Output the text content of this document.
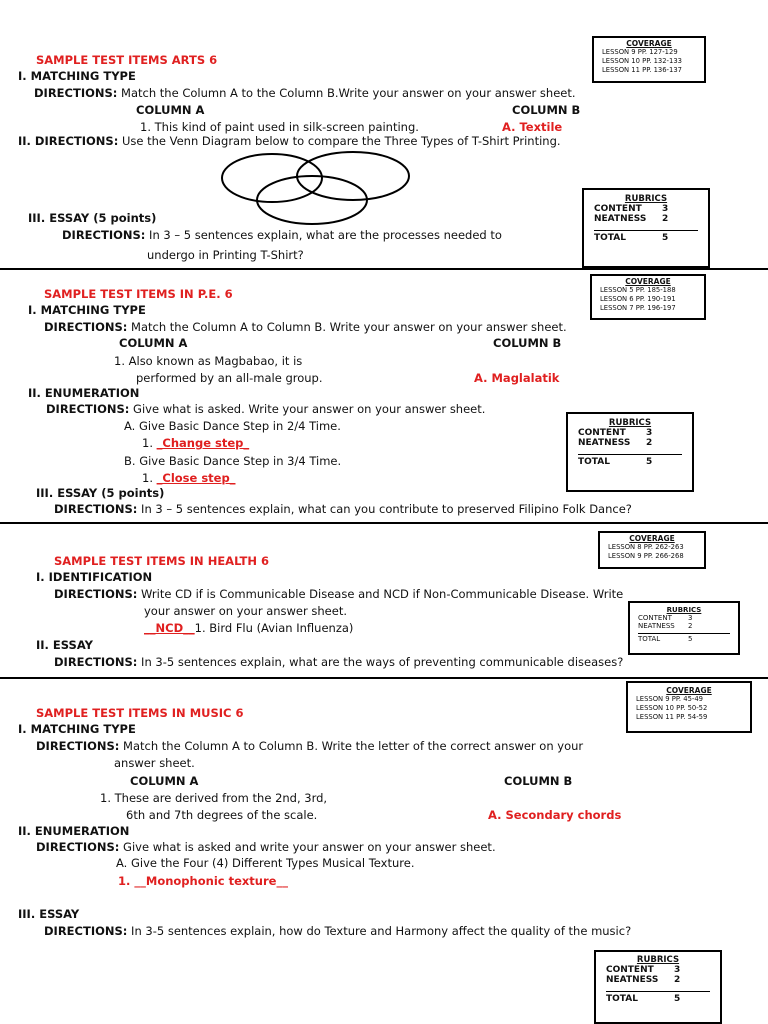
SAMPLE TEST ITEMS ARTS 6
COVERAGE
LESSON 9 PP. 127-129
LESSON 10 PP. 132-133
LESSON 11 PP. 136-137
I. MATCHING TYPE
DIRECTIONS: Match the Column A to the Column B.Write your answer on your answer sheet.
COLUMN A	COLUMN B
1. This kind of paint used in silk-screen painting.	A. Textile
II. DIRECTIONS: Use the Venn Diagram below to compare the Three Types of T-Shirt Printing.
RUBRICS
CONTENT	3
NEATNESS	2
TOTAL	5
III. ESSAY (5 points)
DIRECTIONS: In 3 – 5 sentences explain, what are the processes needed to
undergo in Printing T-Shirt?
SAMPLE TEST ITEMS IN P.E. 6
COVERAGE
LESSON 5 PP. 185-188
LESSON 6 PP. 190-191
LESSON 7 PP. 196-197
I. MATCHING TYPE
DIRECTIONS: Match the Column A to Column B. Write your answer on your answer sheet.
COLUMN A	COLUMN B
1. Also known as Magbabao, it is
performed by an all-male group.	A. Maglalatik
II. ENUMERATION
DIRECTIONS: Give what is asked. Write your answer on your answer sheet.
A. Give Basic Dance Step in 2/4 Time.
1. _Change step_
B. Give Basic Dance Step in 3/4 Time.
1. _Close step_
RUBRICS
CONTENT	3
NEATNESS	2
TOTAL	5
III. ESSAY (5 points)
DIRECTIONS: In 3 – 5 sentences explain, what can you contribute to preserved Filipino Folk Dance?
COVERAGE
LESSON 8 PP. 262-263
LESSON 9 PP. 266-268
SAMPLE TEST ITEMS IN HEALTH 6
I. IDENTIFICATION
DIRECTIONS: Write CD if is Communicable Disease and NCD if Non-Communicable Disease. Write
your answer on your answer sheet.
__NCD__1. Bird Flu (Avian Influenza)
II. ESSAY
DIRECTIONS: In 3-5 sentences explain, what are the ways of preventing communicable diseases?
RUBRICS
CONTENT	3
NEATNESS	2
TOTAL	5
COVERAGE
LESSON 9 PP. 45-49
LESSON 10 PP. 50-52
LESSON 11 PP. 54-59
SAMPLE TEST ITEMS IN MUSIC 6
I. MATCHING TYPE
DIRECTIONS: Match the Column A to Column B. Write the letter of the correct answer on your
answer sheet.
COLUMN A	COLUMN B
1. These are derived from the 2nd, 3rd,
6th and 7th degrees of the scale.	A. Secondary chords
II. ENUMERATION
DIRECTIONS: Give what is asked and write your answer on your answer sheet.
A. Give the Four (4) Different Types Musical Texture.
1. __Monophonic texture__
III. ESSAY
DIRECTIONS: In 3-5 sentences explain, how do Texture and Harmony affect the quality of the music?
RUBRICS
CONTENT	3
NEATNESS	2
TOTAL	5
